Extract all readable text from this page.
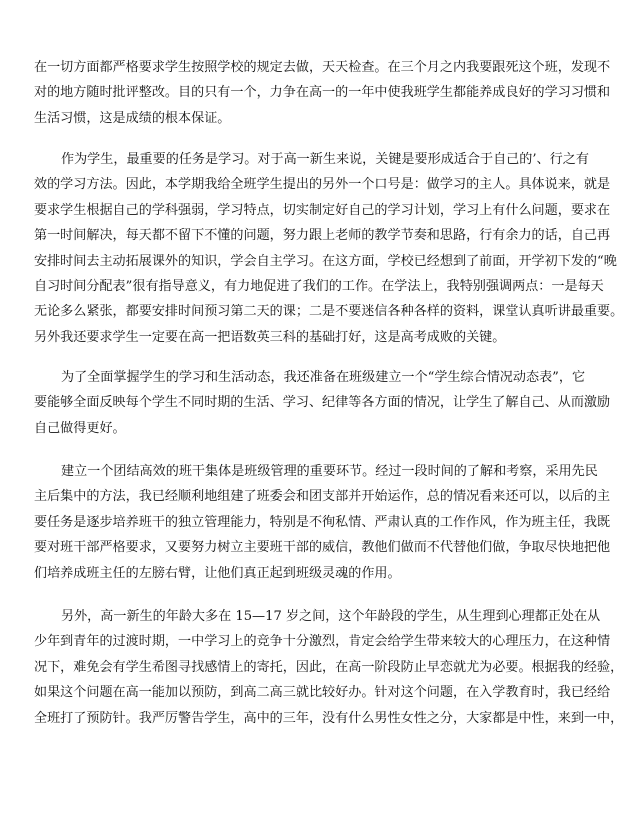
在一切方面都严格要求学生按照学校的规定去做，天天检查。在三个月之内我要跟死这个班，发现不
对的地方随时批评整改。目的只有一个，力争在高一的一年中使我班学生都能养成良好的学习习惯和
生活习惯，这是成绩的根本保证。
作为学生，最重要的任务是学习。对于高一新生来说，关键是要形成适合于自己的’、行之有
效的学习方法。因此，本学期我给全班学生提出的另外一个口号是：做学习的主人。具体说来，就是
要求学生根据自己的学科强弱，学习特点，切实制定好自己的学习计划，学习上有什么问题，要求在
第一时间解决，每天都不留下不懂的问题，努力跟上老师的教学节奏和思路，行有余力的话，自己再
安排时间去主动拓展课外的知识，学会自主学习。在这方面，学校已经想到了前面，开学初下发的“晚
自习时间分配表”很有指导意义，有力地促进了我们的工作。在学法上，我特别强调两点：一是每天
无论多么紧张，都要安排时间预习第二天的课；二是不要迷信各种各样的资料，课堂认真听讲最重要。
另外我还要求学生一定要在高一把语数英三科的基础打好，这是高考成败的关键。
为了全面掌握学生的学习和生活动态，我还准备在班级建立一个“学生综合情况动态表”，它
要能够全面反映每个学生不同时期的生活、学习、纪律等各方面的情况，让学生了解自己、从而激励
自己做得更好。
建立一个团结高效的班干集体是班级管理的重要环节。经过一段时间的了解和考察，采用先民
主后集中的方法，我已经顺利地组建了班委会和团支部并开始运作，总的情况看来还可以，以后的主
要任务是逐步培养班干的独立管理能力，特别是不徇私情、严肃认真的工作作风，作为班主任，我既
要对班干部严格要求，又要努力树立主要班干部的威信，教他们做而不代替他们做，争取尽快地把他
们培养成班主任的左膀右臂，让他们真正起到班级灵魂的作用。
另外，高一新生的年龄大多在 15—17 岁之间，这个年龄段的学生，从生理到心理都正处在从
少年到青年的过渡时期，一中学习上的竞争十分激烈，肯定会给学生带来较大的心理压力，在这种情
况下，难免会有学生希图寻找感情上的寄托，因此，在高一阶段防止早恋就尤为必要。根据我的经验，
如果这个问题在高一能加以预防，到高二高三就比较好办。针对这个问题，在入学教育时，我已经给
全班打了预防针。我严厉警告学生，高中的三年，没有什么男性女性之分，大家都是中性，来到一中，
